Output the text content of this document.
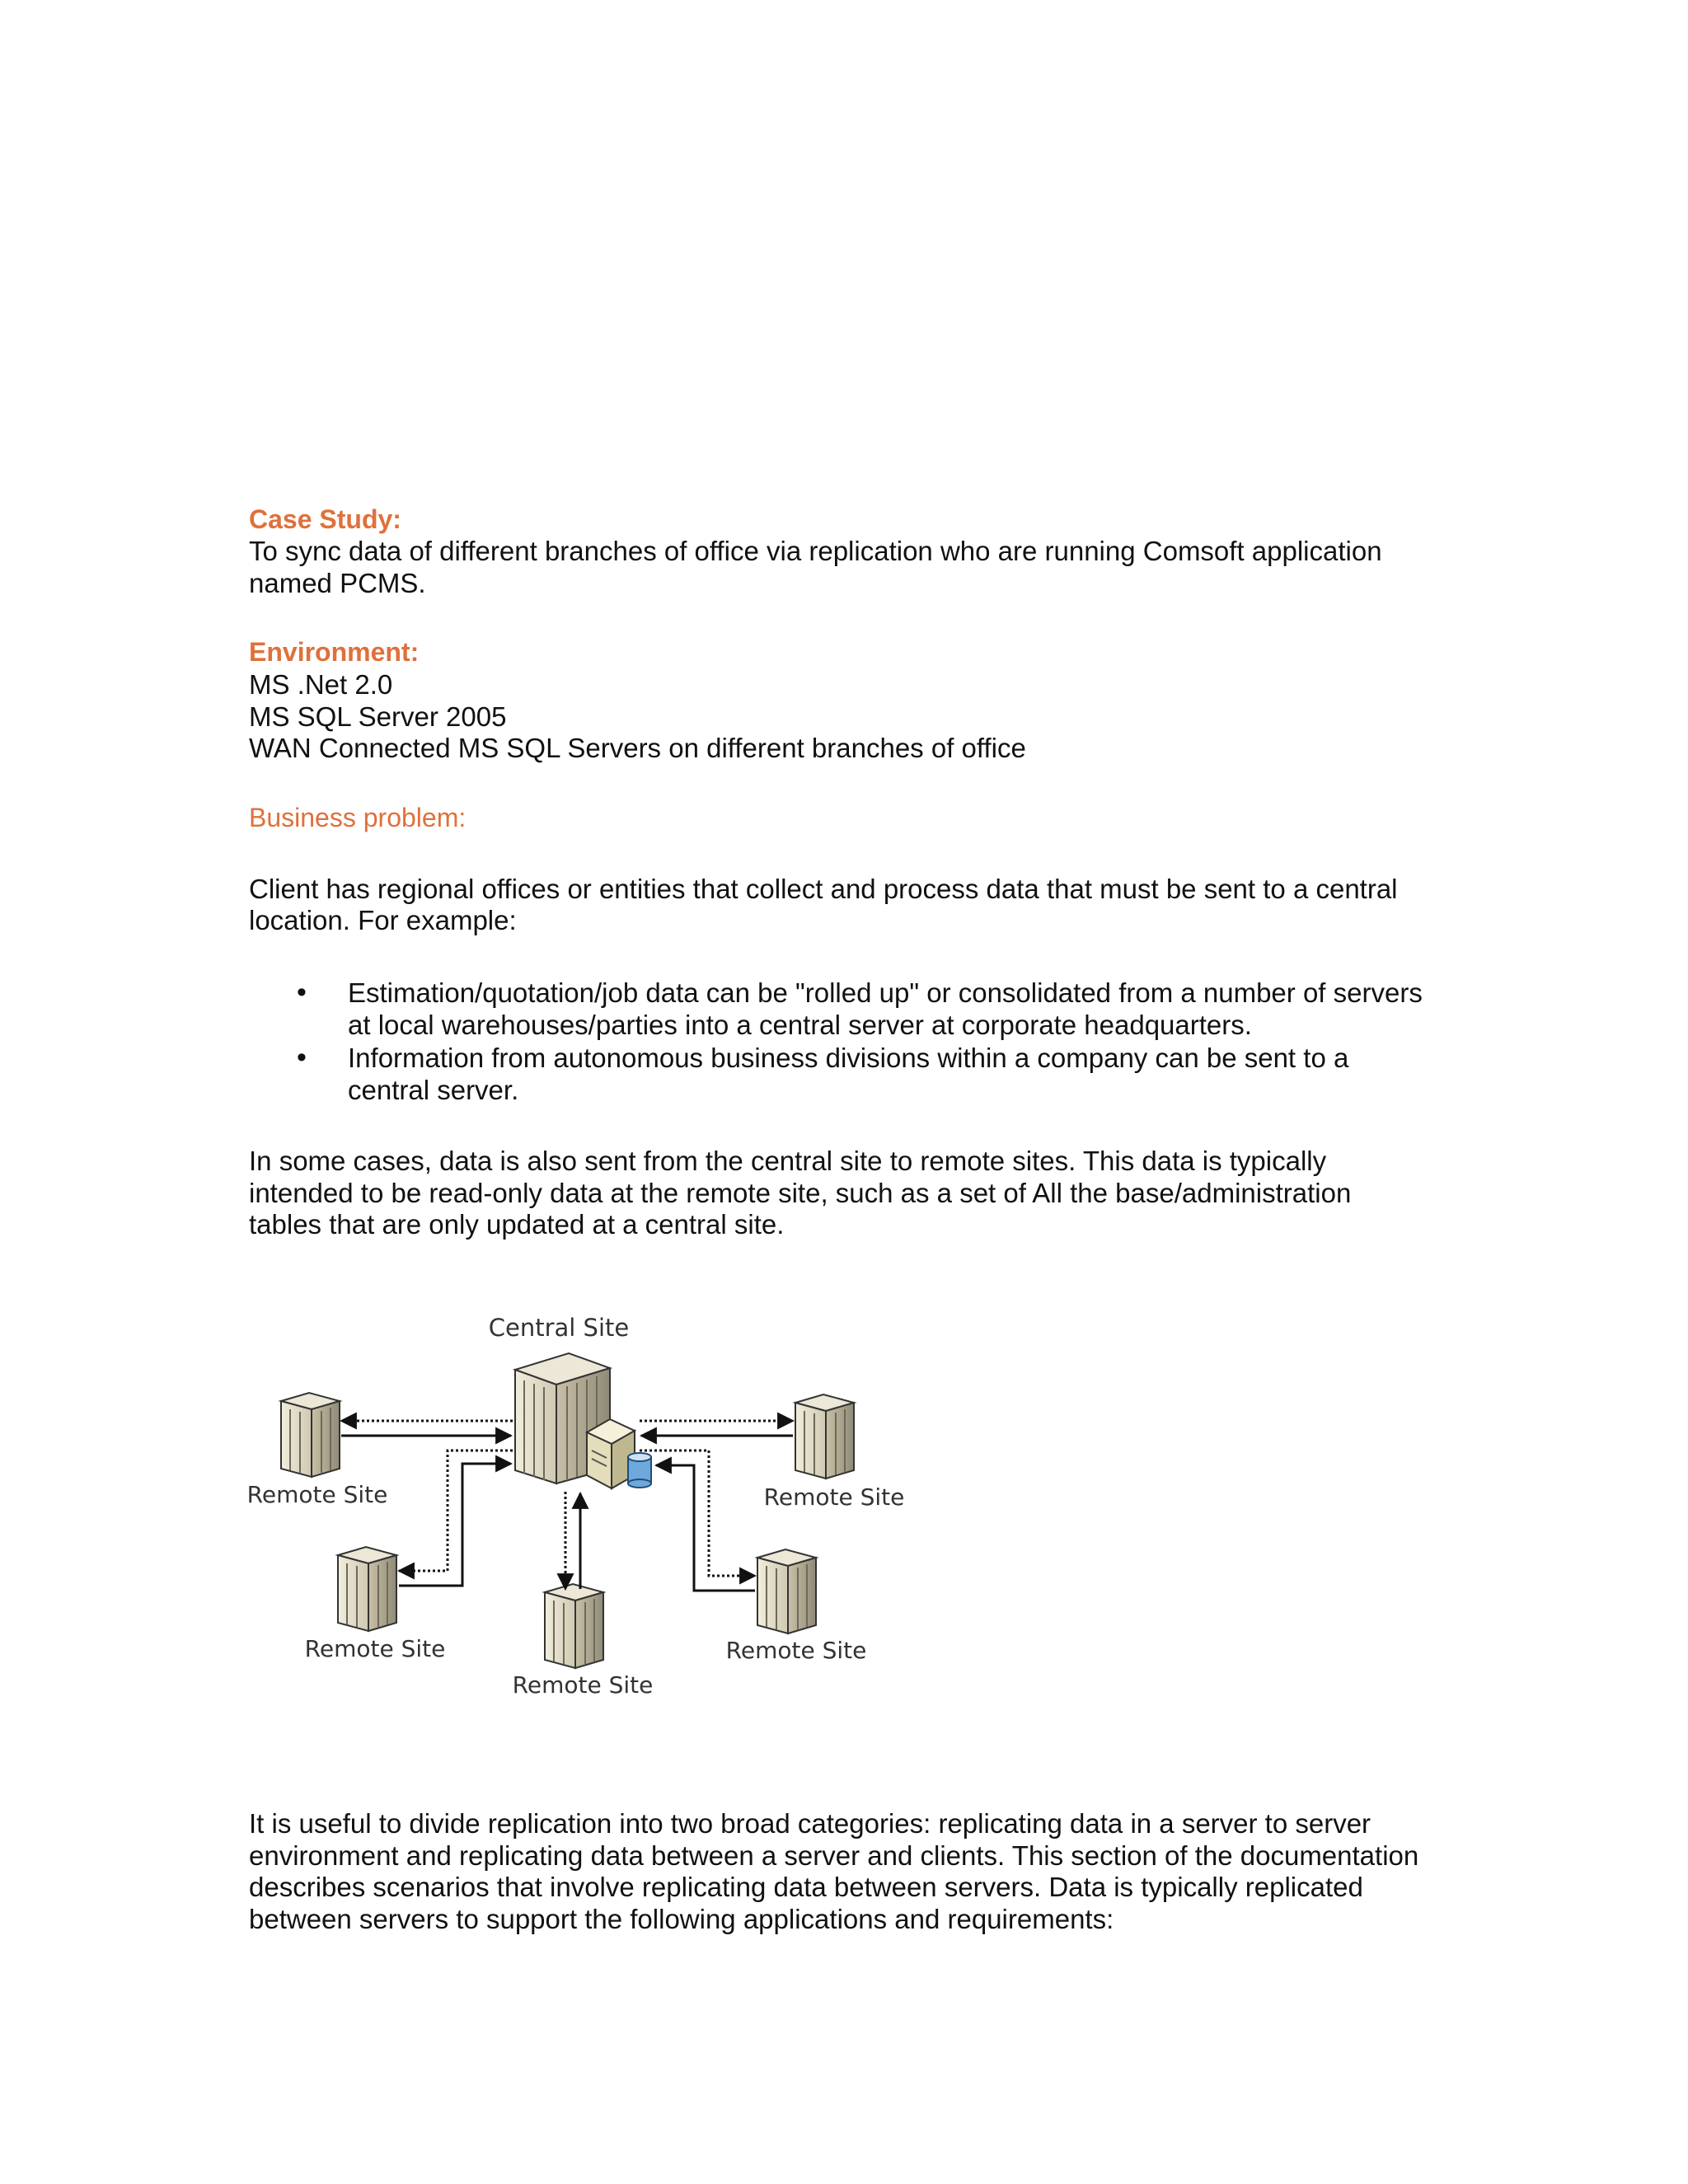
Case Study:
To sync data of different branches of office via replication who are running Comsoft application
named PCMS.
Environment:
MS .Net 2.0
MS SQL Server 2005
WAN Connected MS SQL Servers on different branches of office
Business problem:
Client has regional offices or entities that collect and process data that must be sent to a central
location. For example:
• Estimation/quotation/job data can be "rolled up" or consolidated from a number of servers
at local warehouses/parties into a central server at corporate headquarters.
• Information from autonomous business divisions within a company can be sent to a
central server.
In some cases, data is also sent from the central site to remote sites. This data is typically
intended to be read-only data at the remote site, such as a set of All the base/administration
tables that are only updated at a central site.
Central Site
Remote Site	Remote Site
Remote Site	Remote Site
Remote Site
It is useful to divide replication into two broad categories: replicating data in a server to server
environment and replicating data between a server and clients. This section of the documentation
describes scenarios that involve replicating data between servers. Data is typically replicated
between servers to support the following applications and requirements:
